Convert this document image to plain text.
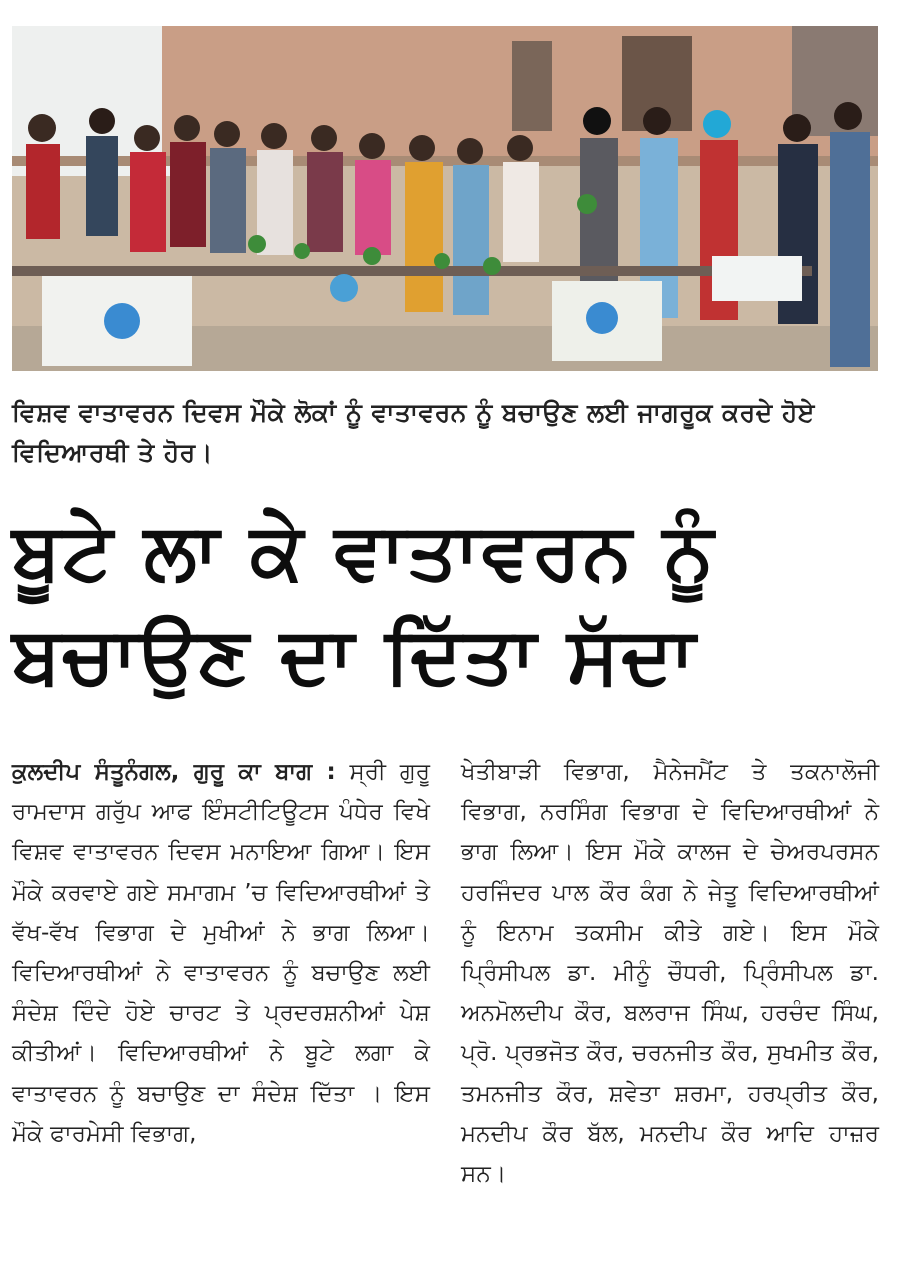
ਵਿਸ਼ਵ ਵਾਤਾਵਰਨ ਦਿਵਸ ਮੌਕੇ ਲੋਕਾਂ ਨੂੰ ਵਾਤਾਵਰਨ ਨੂੰ ਬਚਾਉਣ ਲਈ ਜਾਗਰੂਕ ਕਰਦੇ ਹੋਏ ਵਿਦਿਆਰਥੀ ਤੇ ਹੋਰ।
ਬੂਟੇ ਲਾ ਕੇ ਵਾਤਾਵਰਨ ਨੂੰ ਬਚਾਉਣ ਦਾ ਦਿੱਤਾ ਸੱਦਾ

ਕੁਲਦੀਪ ਸੰਤੂਨੰਗਲ, ਗੁਰੂ ਕਾ ਬਾਗ : ਸ੍ਰੀ ਗੁਰੂ ਰਾਮਦਾਸ ਗਰੁੱਪ ਆਫ ਇੰਸਟੀਟਿਊਟਸ ਪੰਧੇਰ ਵਿਖੇ ਵਿਸ਼ਵ ਵਾਤਾਵਰਨ ਦਿਵਸ ਮਨਾਇਆ ਗਿਆ। ਇਸ ਮੌਕੇ ਕਰਵਾਏ ਗਏ ਸਮਾਗਮ ’ਚ ਵਿਦਿਆਰਥੀਆਂ ਤੇ ਵੱਖ-ਵੱਖ ਵਿਭਾਗ ਦੇ ਮੁਖੀਆਂ ਨੇ ਭਾਗ ਲਿਆ। ਵਿਦਿਆਰਥੀਆਂ ਨੇ ਵਾਤਾਵਰਨ ਨੂੰ ਬਚਾਉਣ ਲਈ ਸੰਦੇਸ਼ ਦਿੰਦੇ ਹੋਏ ਚਾਰਟ ਤੇ ਪ੍ਰਦਰਸ਼ਨੀਆਂ ਪੇਸ਼ ਕੀਤੀਆਂ। ਵਿਦਿਆਰਥੀਆਂ ਨੇ ਬੂਟੇ ਲਗਾ ਕੇ ਵਾਤਾਵਰਨ ਨੂੰ ਬਚਾਉਣ ਦਾ ਸੰਦੇਸ਼ ਦਿੱਤਾ । ਇਸ ਮੌਕੇ ਫਾਰਮੇਸੀ ਵਿਭਾਗ,

ਖੇਤੀਬਾੜੀ ਵਿਭਾਗ, ਮੈਨੇਜਮੈਂਟ ਤੇ ਤਕਨਾਲੋਜੀ ਵਿਭਾਗ, ਨਰਸਿੰਗ ਵਿਭਾਗ ਦੇ ਵਿਦਿਆਰਥੀਆਂ ਨੇ ਭਾਗ ਲਿਆ। ਇਸ ਮੌਕੇ ਕਾਲਜ ਦੇ ਚੇਅਰਪਰਸਨ ਹਰਜਿੰਦਰ ਪਾਲ ਕੌਰ ਕੰਗ ਨੇ ਜੇਤੂ ਵਿਦਿਆਰਥੀਆਂ ਨੂੰ ਇਨਾਮ ਤਕਸੀਮ ਕੀਤੇ ਗਏ। ਇਸ ਮੌਕੇ ਪ੍ਰਿੰਸੀਪਲ ਡਾ. ਮੀਨੂੰ ਚੌਧਰੀ, ਪ੍ਰਿੰਸੀਪਲ ਡਾ. ਅਨਮੋਲਦੀਪ ਕੌਰ, ਬਲਰਾਜ ਸਿੰਘ, ਹਰਚੰਦ ਸਿੰਘ, ਪ੍ਰੋ. ਪ੍ਰਭਜੋਤ ਕੌਰ, ਚਰਨਜੀਤ ਕੌਰ, ਸੁਖਮੀਤ ਕੌਰ, ਤਮਨਜੀਤ ਕੌਰ, ਸ਼ਵੇਤਾ ਸ਼ਰਮਾ, ਹਰਪ੍ਰੀਤ ਕੌਰ, ਮਨਦੀਪ ਕੌਰ ਬੱਲ, ਮਨਦੀਪ ਕੌਰ ਆਦਿ ਹਾਜ਼ਰ ਸਨ।
